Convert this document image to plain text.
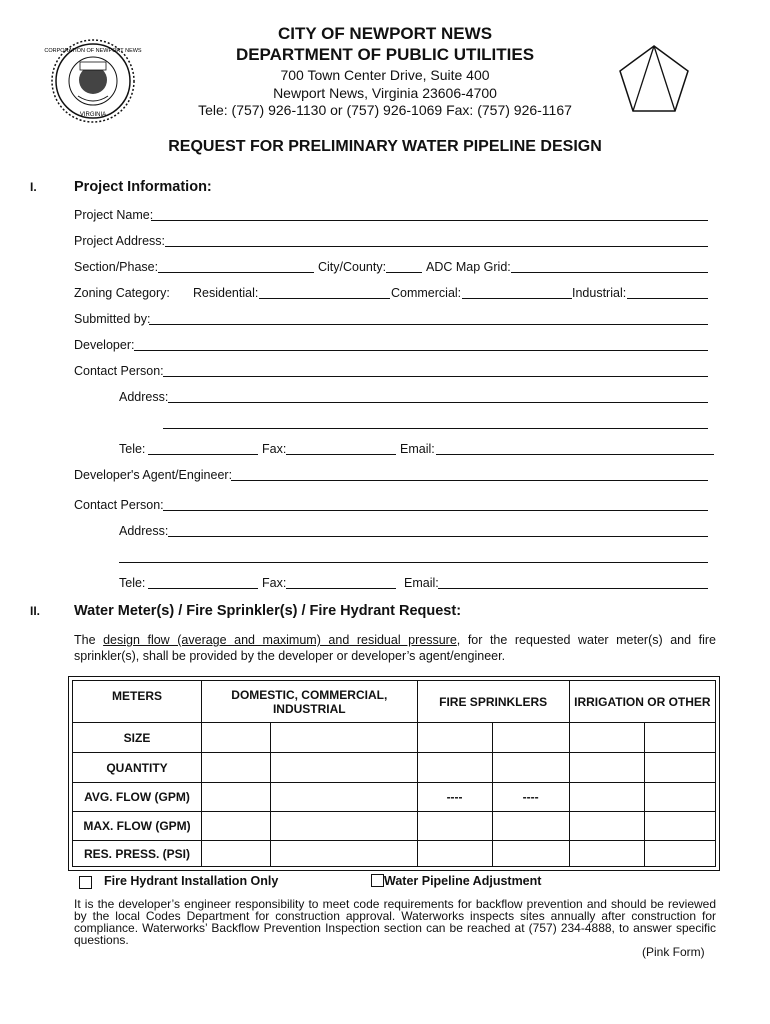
CORPORATION OF NEWPORT NEWS
VIRGINIA
CITY OF NEWPORT NEWS
DEPARTMENT OF PUBLIC UTILITIES
700 Town Center Drive, Suite 400
Newport News, Virginia 23606-4700
Tele: (757) 926-1130 or (757) 926-1069 Fax: (757) 926-1167
REQUEST FOR PRELIMINARY WATER PIPELINE DESIGN
I.	Project Information:
Project Name:
Project Address:
Section/Phase:	City/County:	ADC Map Grid:
Zoning Category: Residential:	Commercial:	Industrial:
Submitted by:
Developer:
Contact Person:
Address:
Tele:	Fax:	Email:
Developer's Agent/Engineer:
Contact Person:
Address:
Tele:	Fax:	Email:
II. Water Meter(s) / Fire Sprinkler(s) / Fire Hydrant Request:
The design flow (average and maximum) and residual pressure, for the requested water meter(s) and fire sprinkler(s), shall be provided by the developer or developer’s agent/engineer.
METERS	DOMESTIC, COMMERCIAL, INDUSTRIAL		FIRE SPRINKLERS		IRRIGATION OR OTHER	
SIZE						
QUANTITY						
AVG. FLOW (GPM)			----	----		
MAX. FLOW (GPM)						
RES. PRESS. (PSI)						
Fire Hydrant Installation Only	Water Pipeline Adjustment
It is the developer’s engineer responsibility to meet code requirements for backflow prevention and should be reviewed by the local Codes Department for construction approval. Waterworks inspects sites annually after construction for compliance. Waterworks’ Backflow Prevention Inspection section can be reached at (757) 234-4888, to answer specific questions.
(Pink Form)
